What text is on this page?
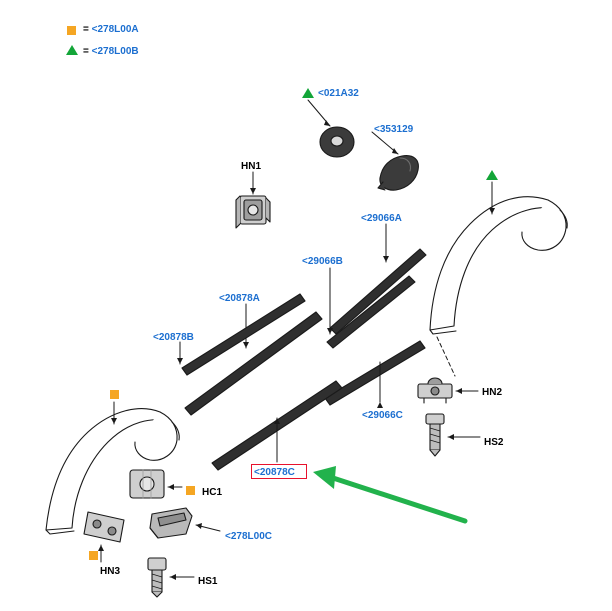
= <278L00A
= <278L00B
<021A32
<353129
HN1
<29066A
<29066B
<20878A
<20878B
<29066C
HN2
HS2
HC1
<278L00C
HN3
HS1
<20878C
